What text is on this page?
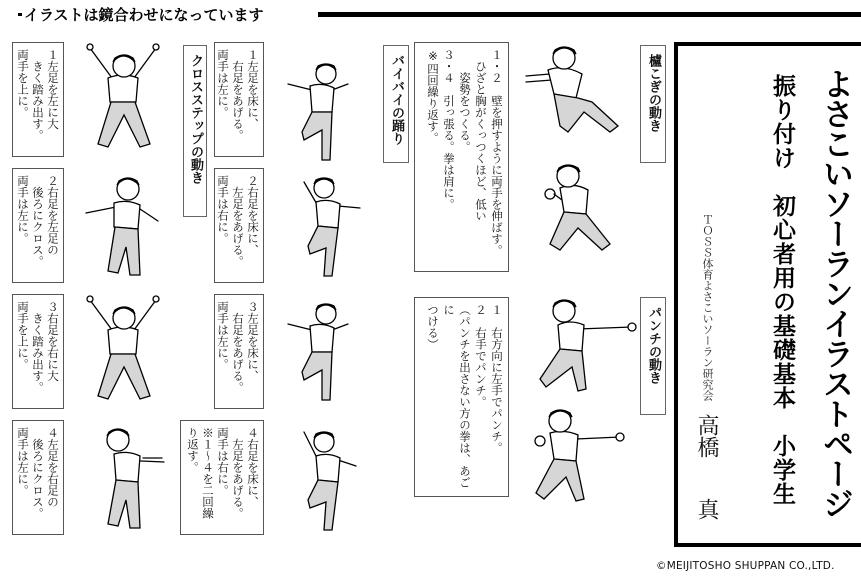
イラストは鏡合わせになっています
よさこいソーランイラストページ
振り付け　初心者用の基礎基本　小学生
ＴＯＳＳ体育よさこいソーラン研究会
高橋真
櫨こぎの動き
パンチの動き
バイバイの踊り
クロスステップの動き	１・２　壁を押すように両手を伸ばす。
ひざと胸がくっつくほど、低い
姿勢をつくる。
３・４　引っ張る。拳は肩に。
※四回繰り返す。
１　右方向に左手でパンチ。
２　右手でパンチ。
（パンチを出さない方の拳は、あごに
つける）
１左足を床に、
右足をあげる。
両手は左に。
２右足を床に、
左足をあげる。
両手は右に。
３左足を床に、
右足をあげる。
両手は左に。
４右足を床に、
左足をあげる。
両手は右に。
※１〜４を二回繰
り返す。
１左足を左に大
きく踏み出す。
両手を上に。
２右足を左足の
後ろにクロス。
両手は左に。
３右足を右に大
きく踏み出す。
両手を上に。
４左足を右足の
後ろにクロス。
両手は左に。
©MEIJITOSHO SHUPPAN CO.,LTD.
